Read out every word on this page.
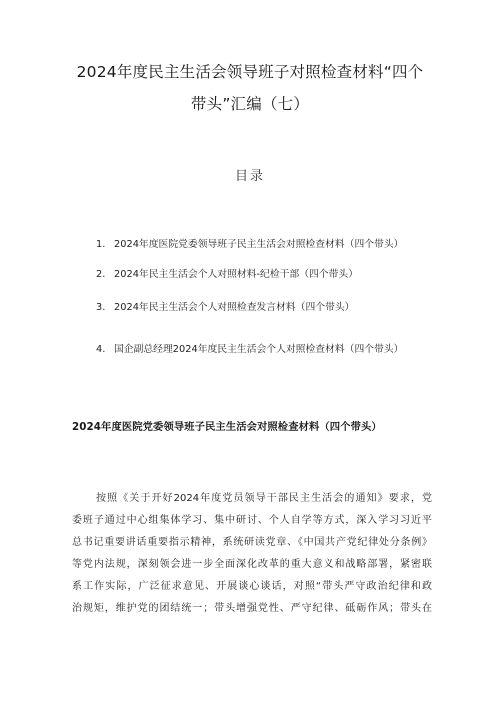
2024年度民主生活会领导班子对照检查材料“四个
带头”汇编（七）
目录
1. 2024年度医院党委领导班子民主生活会对照检查材料（四个带头）
2. 2024年民主生活会个人对照材料-纪检干部（四个带头）
3. 2024年民主生活会个人对照检查发言材料（四个带头）
4. 国企副总经理2024年度民主生活会个人对照检查材料（四个带头）
2024年度医院党委领导班子民主生活会对照检查材料（四个带头）
按照《关于开好2024年度党员领导干部民主生活会的通知》要求，党
委班子通过中心组集体学习、集中研讨、个人自学等方式，深入学习习近平
总书记重要讲话重要指示精神，系统研读党章、《中国共产党纪律处分条例》
等党内法规，深刻领会进一步全面深化改革的重大意义和战略部署，紧密联
系工作实际，广泛征求意见、开展谈心谈话，对照“带头严守政治纪律和政
治规矩，维护党的团结统一；带头增强党性、严守纪律、砥砺作风；带头在
